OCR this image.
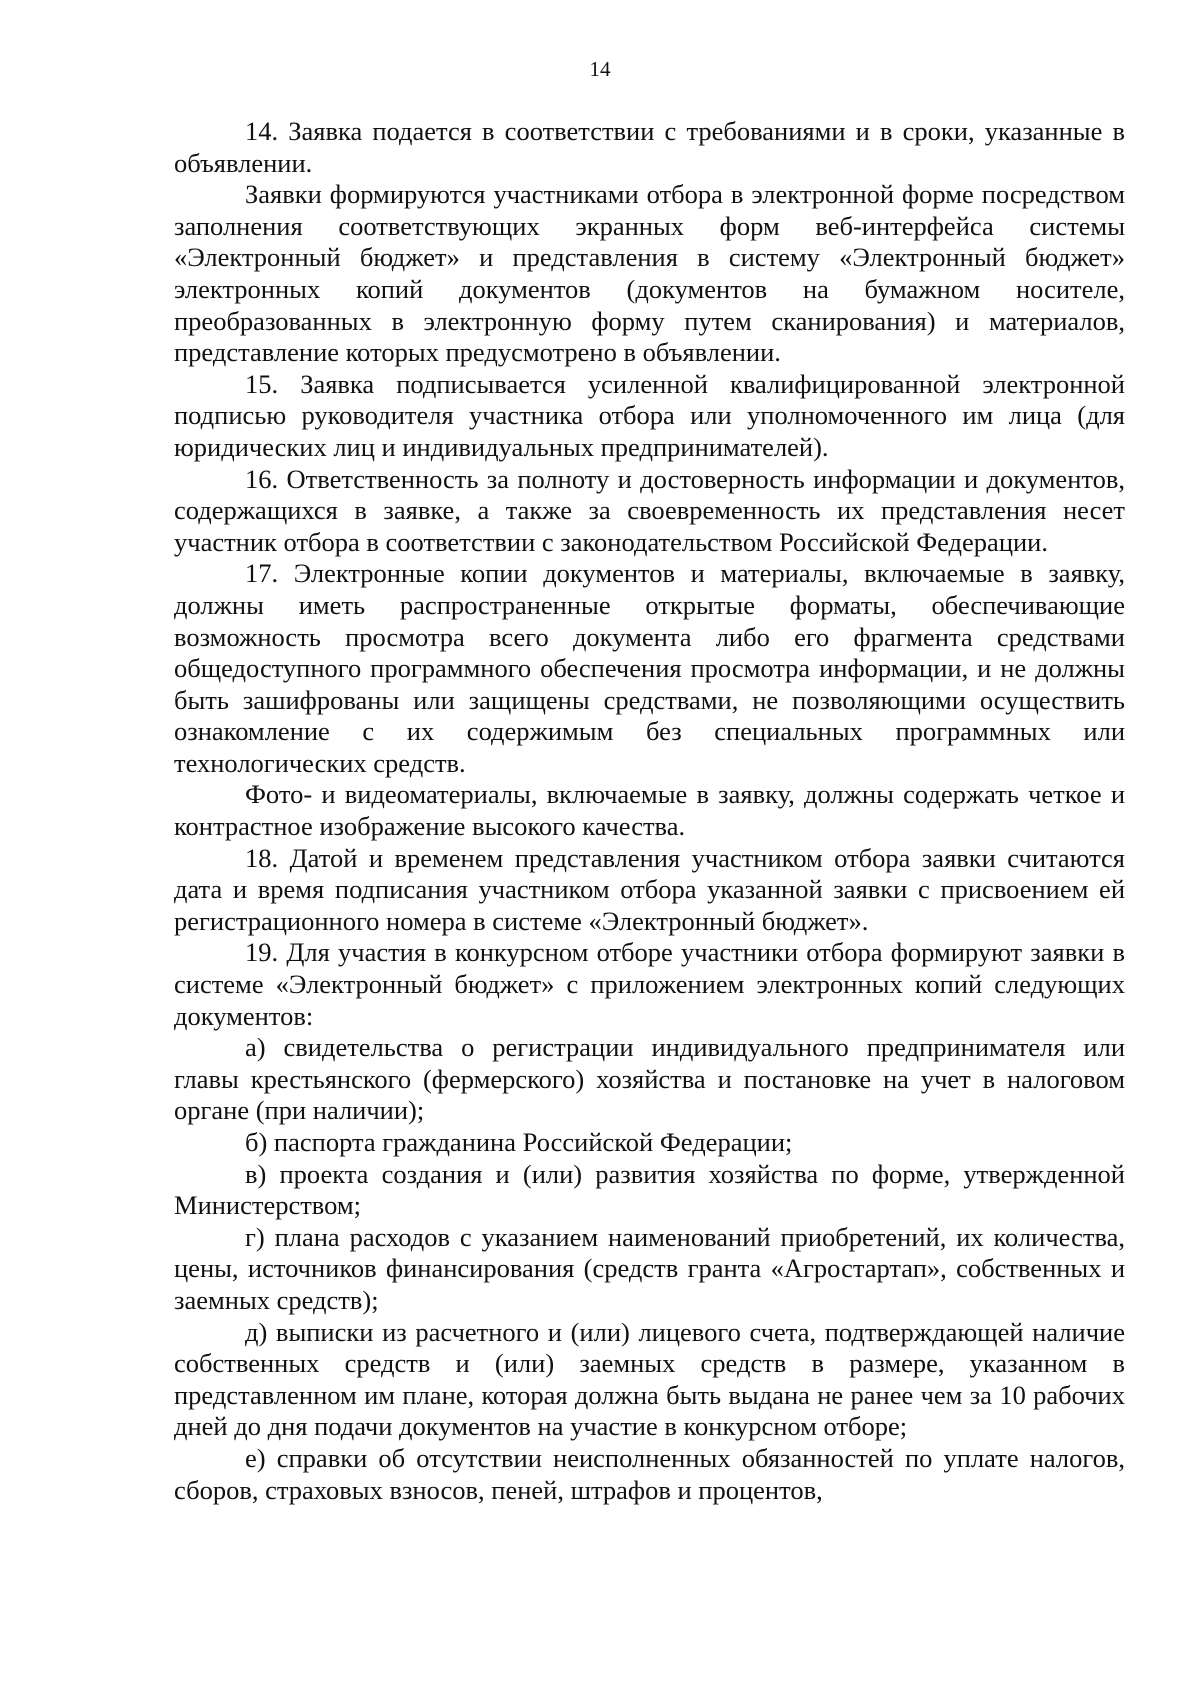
14

14. Заявка подается в соответствии с требованиями и в сроки, указанные в объявлении.

Заявки формируются участниками отбора в электронной форме посредством заполнения соответствующих экранных форм веб-интерфейса системы «Электронный бюджет» и представления в систему «Электронный бюджет» электронных копий документов (документов на бумажном носителе, преобразованных в электронную форму путем сканирования) и материалов, представление которых предусмотрено в объявлении.

15. Заявка подписывается усиленной квалифицированной электронной подписью руководителя участника отбора или уполномоченного им лица (для юридических лиц и индивидуальных предпринимателей).

16. Ответственность за полноту и достоверность информации и документов, содержащихся в заявке, а также за своевременность их представления несет участник отбора в соответствии с законодательством Российской Федерации.

17. Электронные копии документов и материалы, включаемые в заявку, должны иметь распространенные открытые форматы, обеспечивающие возможность просмотра всего документа либо его фрагмента средствами общедоступного программного обеспечения просмотра информации, и не должны быть зашифрованы или защищены средствами, не позволяющими осуществить ознакомление с их содержимым без специальных программных или технологических средств.

Фото- и видеоматериалы, включаемые в заявку, должны содержать четкое и контрастное изображение высокого качества.

18. Датой и временем представления участником отбора заявки считаются дата и время подписания участником отбора указанной заявки с присвоением ей регистрационного номера в системе «Электронный бюджет».

19. Для участия в конкурсном отборе участники отбора формируют заявки в системе «Электронный бюджет» с приложением электронных копий следующих документов:

а) свидетельства о регистрации индивидуального предпринимателя или главы крестьянского (фермерского) хозяйства и постановке на учет в налоговом органе (при наличии);

б) паспорта гражданина Российской Федерации;

в) проекта создания и (или) развития хозяйства по форме, утвержденной Министерством;

г) плана расходов с указанием наименований приобретений, их количества, цены, источников финансирования (средств гранта «Агростартап», собственных и заемных средств);

д) выписки из расчетного и (или) лицевого счета, подтверждающей наличие собственных средств и (или) заемных средств в размере, указанном в представленном им плане, которая должна быть выдана не ранее чем за 10 рабочих дней до дня подачи документов на участие в конкурсном отборе;

е) справки об отсутствии неисполненных обязанностей по уплате налогов, сборов, страховых взносов, пеней, штрафов и процентов,
